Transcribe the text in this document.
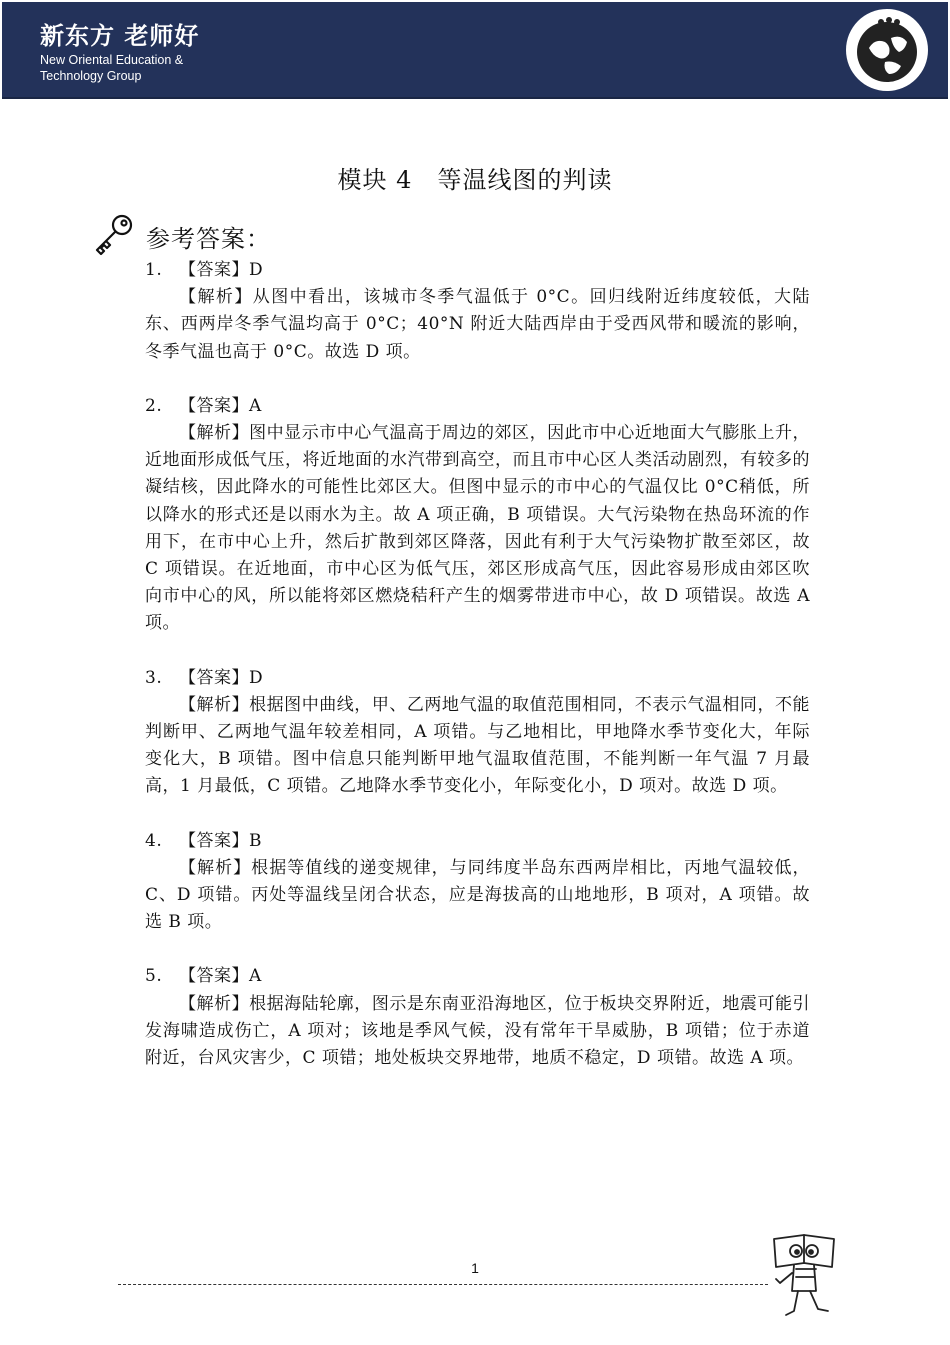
新东方 老师好
New Oriental Education &
Technology Group
模块 4　等温线图的判读
参考答案：
1. 【答案】D
【解析】从图中看出，该城市冬季气温低于 0°C。回归线附近纬度较低，大陆东、西两岸冬季气温均高于 0°C；40°N 附近大陆西岸由于受西风带和暖流的影响，冬季气温也高于 0°C。故选 D 项。
2. 【答案】A
【解析】图中显示市中心气温高于周边的郊区，因此市中心近地面大气膨胀上升，近地面形成低气压，将近地面的水汽带到高空，而且市中心区人类活动剧烈，有较多的凝结核，因此降水的可能性比郊区大。但图中显示的市中心的气温仅比 0°C稍低，所以降水的形式还是以雨水为主。故 A 项正确，B 项错误。大气污染物在热岛环流的作用下，在市中心上升，然后扩散到郊区降落，因此有利于大气污染物扩散至郊区，故 C 项错误。在近地面，市中心区为低气压，郊区形成高气压，因此容易形成由郊区吹向市中心的风，所以能将郊区燃烧秸秆产生的烟雾带进市中心，故 D 项错误。故选 A 项。
3. 【答案】D
【解析】根据图中曲线，甲、乙两地气温的取值范围相同，不表示气温相同，不能判断甲、乙两地气温年较差相同，A 项错。与乙地相比，甲地降水季节变化大，年际变化大，B 项错。图中信息只能判断甲地气温取值范围，不能判断一年气温 7 月最高，1 月最低，C 项错。乙地降水季节变化小，年际变化小，D 项对。故选 D 项。
4. 【答案】B
【解析】根据等值线的递变规律，与同纬度半岛东西两岸相比，丙地气温较低，C、D 项错。丙处等温线呈闭合状态，应是海拔高的山地地形，B 项对，A 项错。故选 B 项。
5. 【答案】A
【解析】根据海陆轮廓，图示是东南亚沿海地区，位于板块交界附近，地震可能引发海啸造成伤亡，A 项对；该地是季风气候，没有常年干旱威胁，B 项错；位于赤道附近，台风灾害少，C 项错；地处板块交界地带，地质不稳定，D 项错。故选 A 项。
1
